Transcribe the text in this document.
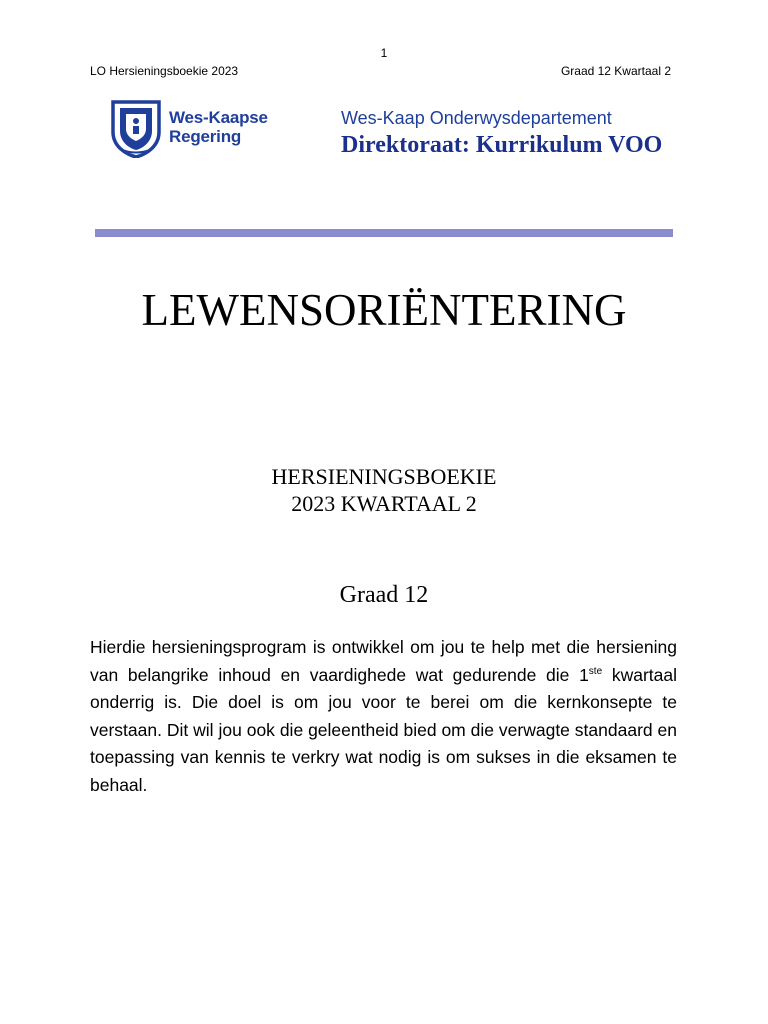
1
LO Hersieningsboekie 2023	Graad 12 Kwartaal 2
Wes-Kaapse
Regering
Wes-Kaap Onderwysdepartement
Direktoraat: Kurrikulum VOO
LEWENSORIËNTERING
HERSIENINGSBOEKIE
2023 KWARTAAL 2
Graad 12
Hierdie hersieningsprogram is ontwikkel om jou te help met die hersiening van belangrike inhoud en vaardighede wat gedurende die 1ste kwartaal onderrig is. Die doel is om jou voor te berei om die kernkonsepte te verstaan. Dit wil jou ook die geleentheid bied om die verwagte standaard en toepassing van kennis te verkry wat nodig is om sukses in die eksamen te behaal.
